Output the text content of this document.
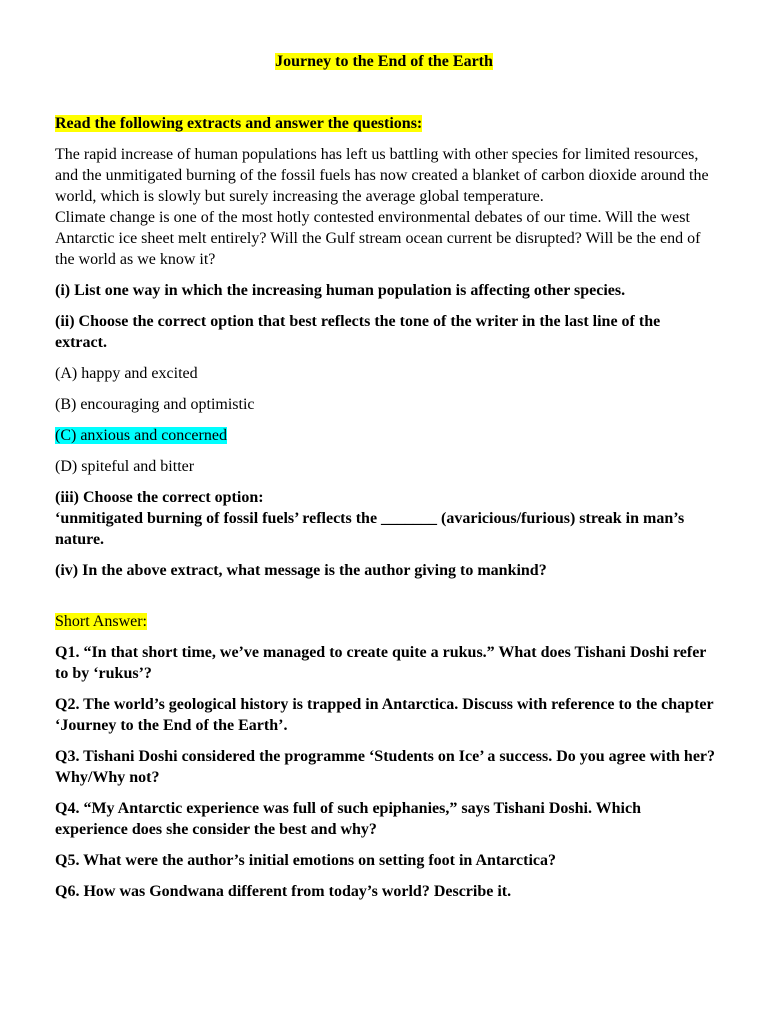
Journey to the End of the Earth
Read the following extracts and answer the questions:

The rapid increase of human populations has left us battling with other species for limited resources, and the unmitigated burning of the fossil fuels has now created a blanket of carbon dioxide around the world, which is slowly but surely increasing the average global temperature.

Climate change is one of the most hotly contested environmental debates of our time. Will the west Antarctic ice sheet melt entirely? Will the Gulf stream ocean current be disrupted? Will be the end of the world as we know it?

(i) List one way in which the increasing human population is affecting other species.

(ii) Choose the correct option that best reflects the tone of the writer in the last line of the extract.

(A) happy and excited

(B) encouraging and optimistic

(C) anxious and concerned

(D) spiteful and bitter

(iii) Choose the correct option:
‘unmitigated burning of fossil fuels’ reflects the _______ (avaricious/furious) streak in man’s nature.

(iv) In the above extract, what message is the author giving to mankind?

Short Answer:

Q1. “In that short time, we’ve managed to create quite a rukus.” What does Tishani Doshi refer to by ‘rukus’?

Q2. The world’s geological history is trapped in Antarctica. Discuss with reference to the chapter ‘Journey to the End of the Earth’.

Q3. Tishani Doshi considered the programme ‘Students on Ice’ a success. Do you agree with her? Why/Why not?

Q4. “My Antarctic experience was full of such epiphanies,” says Tishani Doshi. Which experience does she consider the best and why?

Q5. What were the author’s initial emotions on setting foot in Antarctica?

Q6. How was Gondwana different from today’s world? Describe it.
